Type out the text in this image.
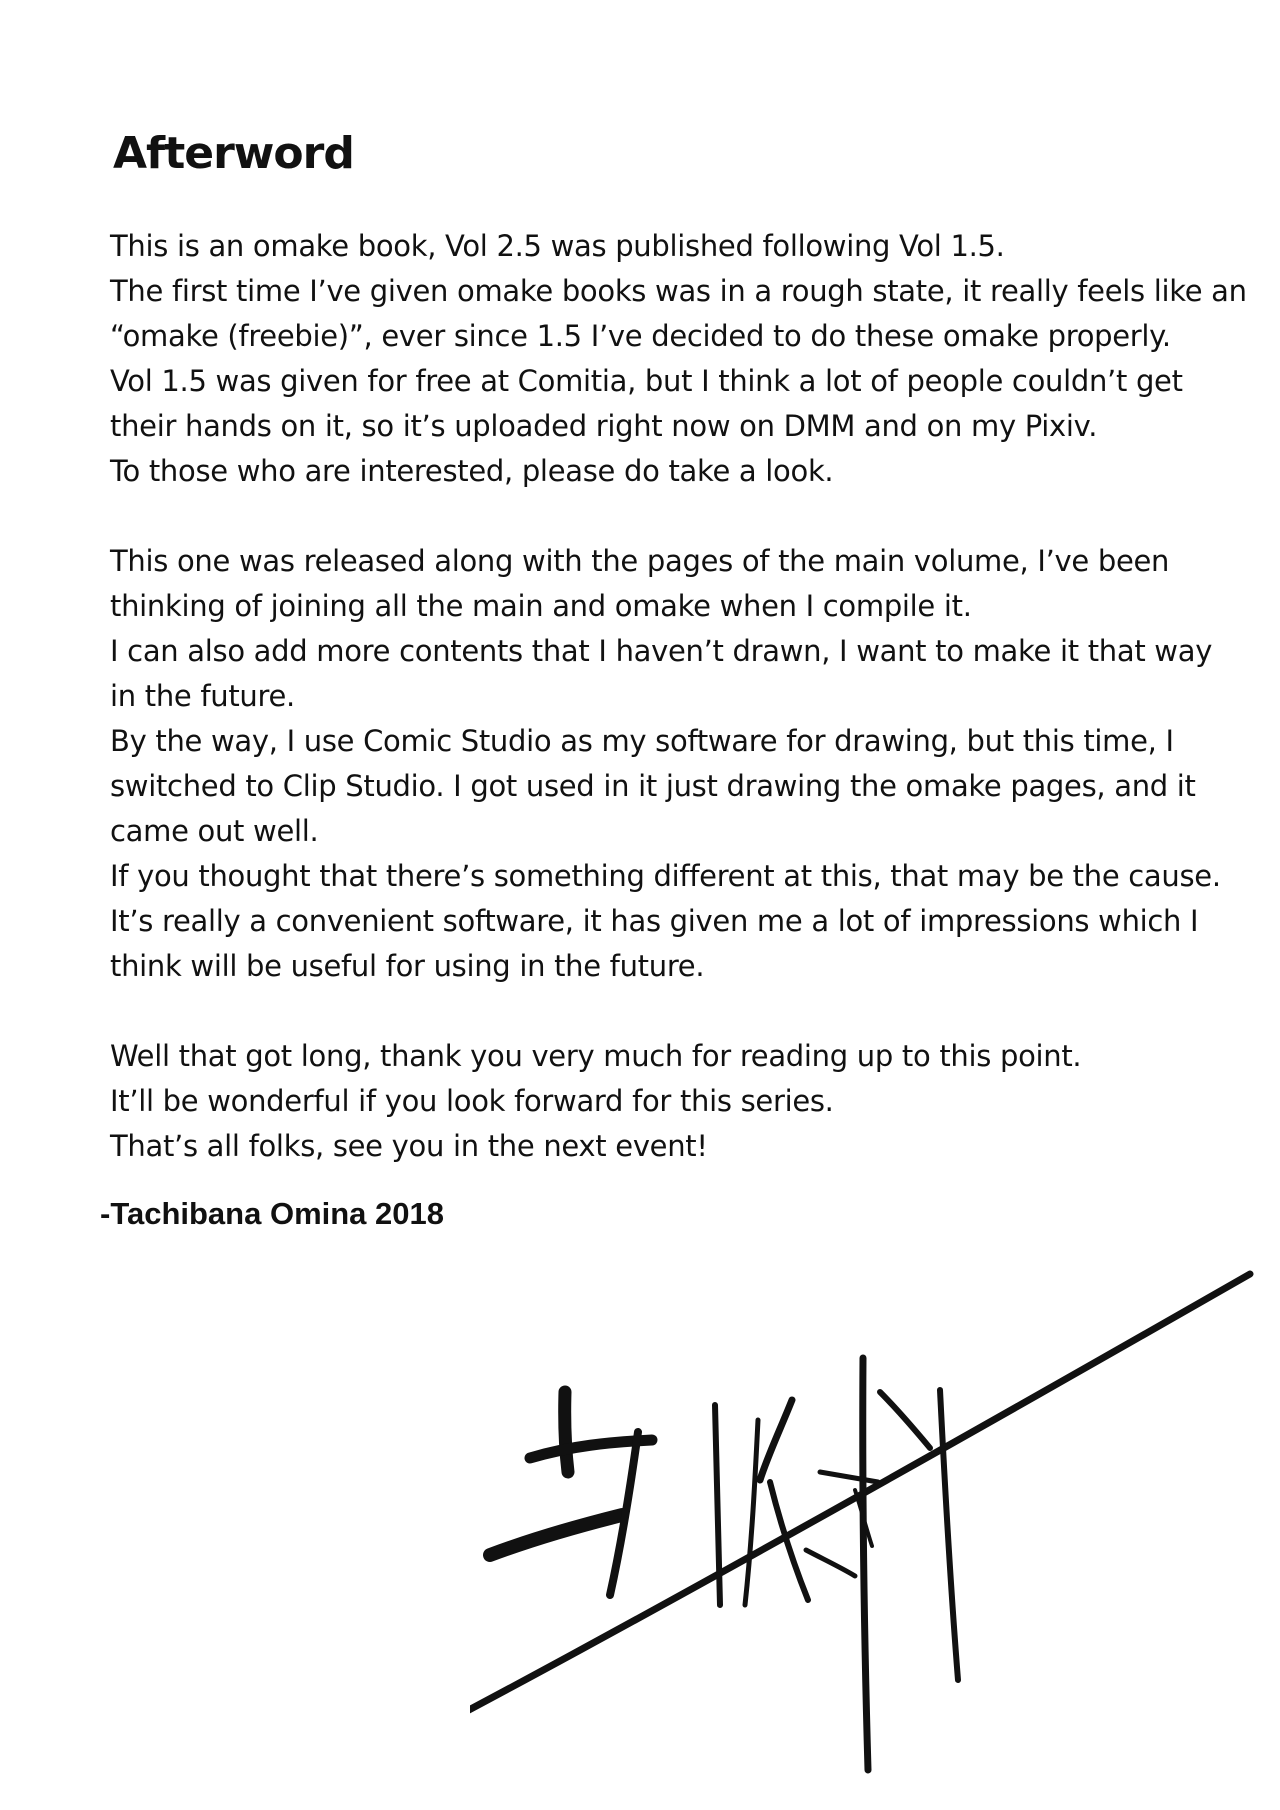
Afterword

This is an omake book, Vol 2.5 was published following Vol 1.5.
The first time I’ve given omake books was in a rough state, it really feels like an
“omake (freebie)”, ever since 1.5 I’ve decided to do these omake properly.
Vol 1.5 was given for free at Comitia, but I think a lot of people couldn’t get
their hands on it, so it’s uploaded right now on DMM and on my Pixiv.
To those who are interested, please do take a look.

This one was released along with the pages of the main volume, I’ve been
thinking of joining all the main and omake when I compile it.
I can also add more contents that I haven’t drawn, I want to make it that way
in the future.
By the way, I use Comic Studio as my software for drawing, but this time, I
switched to Clip Studio. I got used in it just drawing the omake pages, and it
came out well.
If you thought that there’s something different at this, that may be the cause.
It’s really a convenient software, it has given me a lot of impressions which I
think will be useful for using in the future.

Well that got long, thank you very much for reading up to this point.
It’ll be wonderful if you look forward for this series.
That’s all folks, see you in the next event!

-Tachibana Omina 2018
